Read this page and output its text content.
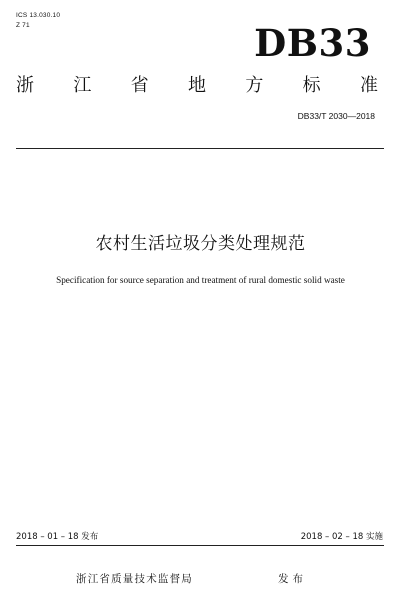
ICS 13.030.10
Z 71	DB33
浙 江 省 地 方 标 准
DB33/T 2030—2018
农村生活垃圾分类处理规范
Specification for source separation and treatment of rural domestic solid waste
2018 – 01 – 18 发布	2018 – 02 – 18 实施
浙江省质量技术监督局	发布
